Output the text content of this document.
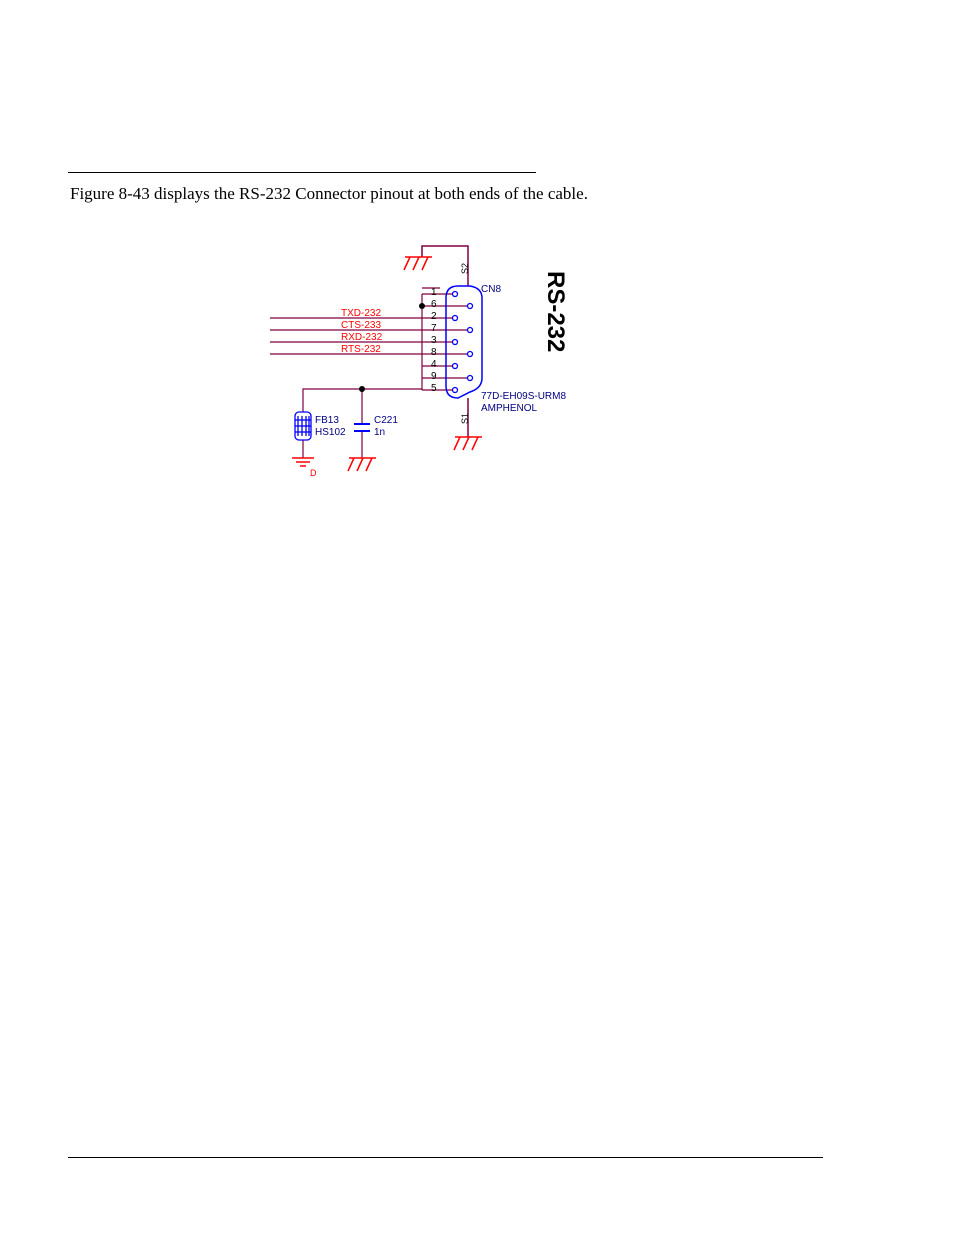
Figure 8-43 displays the RS-232 Connector pinout at both ends of the cable.
S2
1
6
2
7
3
8
4
9
5
CN8
77D-EH09S-URM8
AMPHENOL
RS-232
S1
TXD-232
CTS-233
RXD-232
RTS-232
FB13
HS102
C221
1n
D
